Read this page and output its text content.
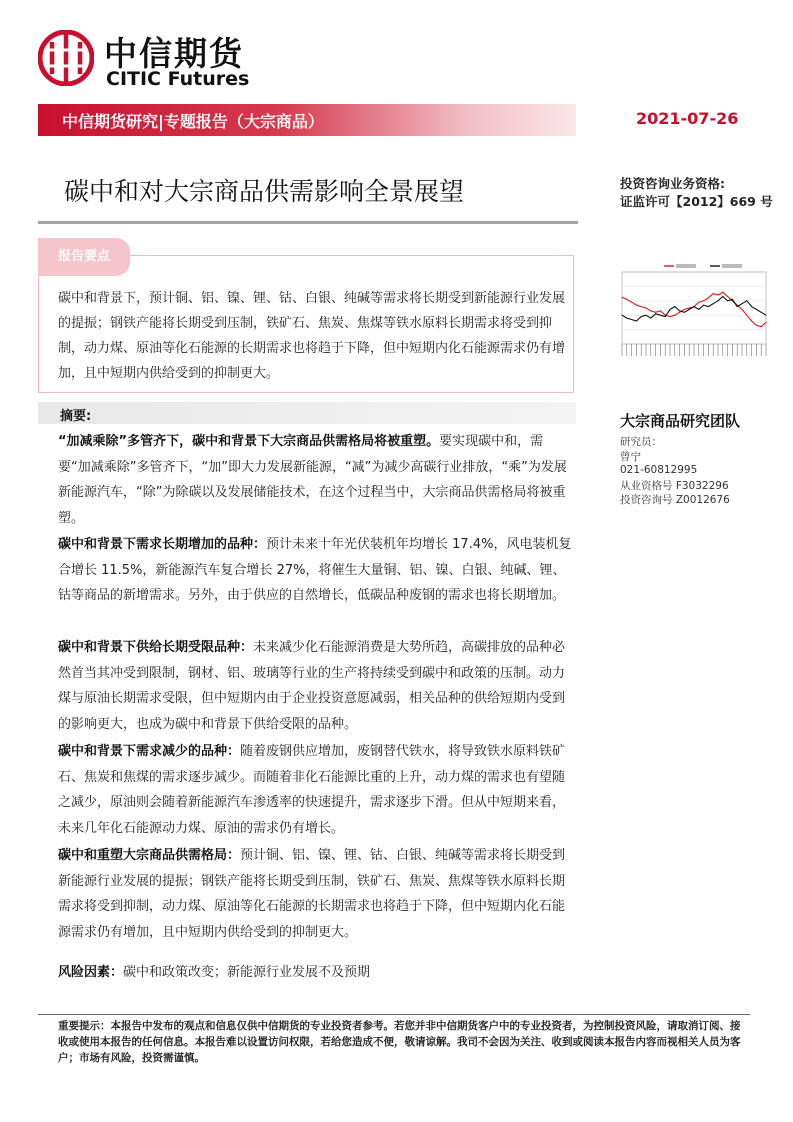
中信期货
CITIC Futures
中信期货研究|专题报告（大宗商品）	2021-07-26
碳中和对大宗商品供需影响全景展望	投资咨询业务资格:
证监许可【2012】669 号
报告要点
碳中和背景下，预计铜、铝、镍、锂、钴、白银、纯碱等需求将长期受到新能源行业发展的提振；钢铁产能将长期受到压制，铁矿石、焦炭、焦煤等铁水原料长期需求将受到抑制，动力煤、原油等化石能源的长期需求也将趋于下降，但中短期内化石能源需求仍有增加，且中短期内供给受到的抑制更大。
摘要:
“加减乘除”多管齐下，碳中和背景下大宗商品供需格局将被重塑。要实现碳中和，需要“加减乘除”多管齐下，“加”即大力发展新能源，“减”为减少高碳行业排放，“乘”为发展新能源汽车，“除”为除碳以及发展储能技术，在这个过程当中，大宗商品供需格局将被重塑。
碳中和背景下需求长期增加的品种：预计未来十年光伏装机年均增长 17.4%，风电装机复合增长 11.5%，新能源汽车复合增长 27%，将催生大量铜、铝、镍、白银、纯碱、锂、钴等商品的新增需求。另外，由于供应的自然增长，低碳品种废钢的需求也将长期增加。
碳中和背景下供给长期受限品种：未来减少化石能源消费是大势所趋，高碳排放的品种必然首当其冲受到限制，钢材、铝、玻璃等行业的生产将持续受到碳中和政策的压制。动力煤与原油长期需求受限，但中短期内由于企业投资意愿减弱，相关品种的供给短期内受到的影响更大，也成为碳中和背景下供给受限的品种。
碳中和背景下需求减少的品种：随着废钢供应增加，废钢替代铁水，将导致铁水原料铁矿石、焦炭和焦煤的需求逐步减少。而随着非化石能源比重的上升，动力煤的需求也有望随之减少，原油则会随着新能源汽车渗透率的快速提升，需求逐步下滑。但从中短期来看，未来几年化石能源动力煤、原油的需求仍有增长。
碳中和重塑大宗商品供需格局：预计铜、铝、镍、锂、钴、白银、纯碱等需求将长期受到新能源行业发展的提振；钢铁产能将长期受到压制，铁矿石、焦炭、焦煤等铁水原料长期需求将受到抑制，动力煤、原油等化石能源的长期需求也将趋于下降，但中短期内化石能源需求仍有增加，且中短期内供给受到的抑制更大。
风险因素：碳中和政策改变；新能源行业发展不及预期
大宗商品研究团队
研究员：
曾宁
021-60812995
从业资格号 F3032296
投资咨询号 Z0012676
重要提示：本报告中发布的观点和信息仅供中信期货的专业投资者参考。若您并非中信期货客户中的专业投资者，为控制投资风险，请取消订阅、接收或使用本报告的任何信息。本报告难以设置访问权限，若给您造成不便，敬请谅解。我司不会因为关注、收到或阅读本报告内容而视相关人员为客户；市场有风险，投资需谨慎。
